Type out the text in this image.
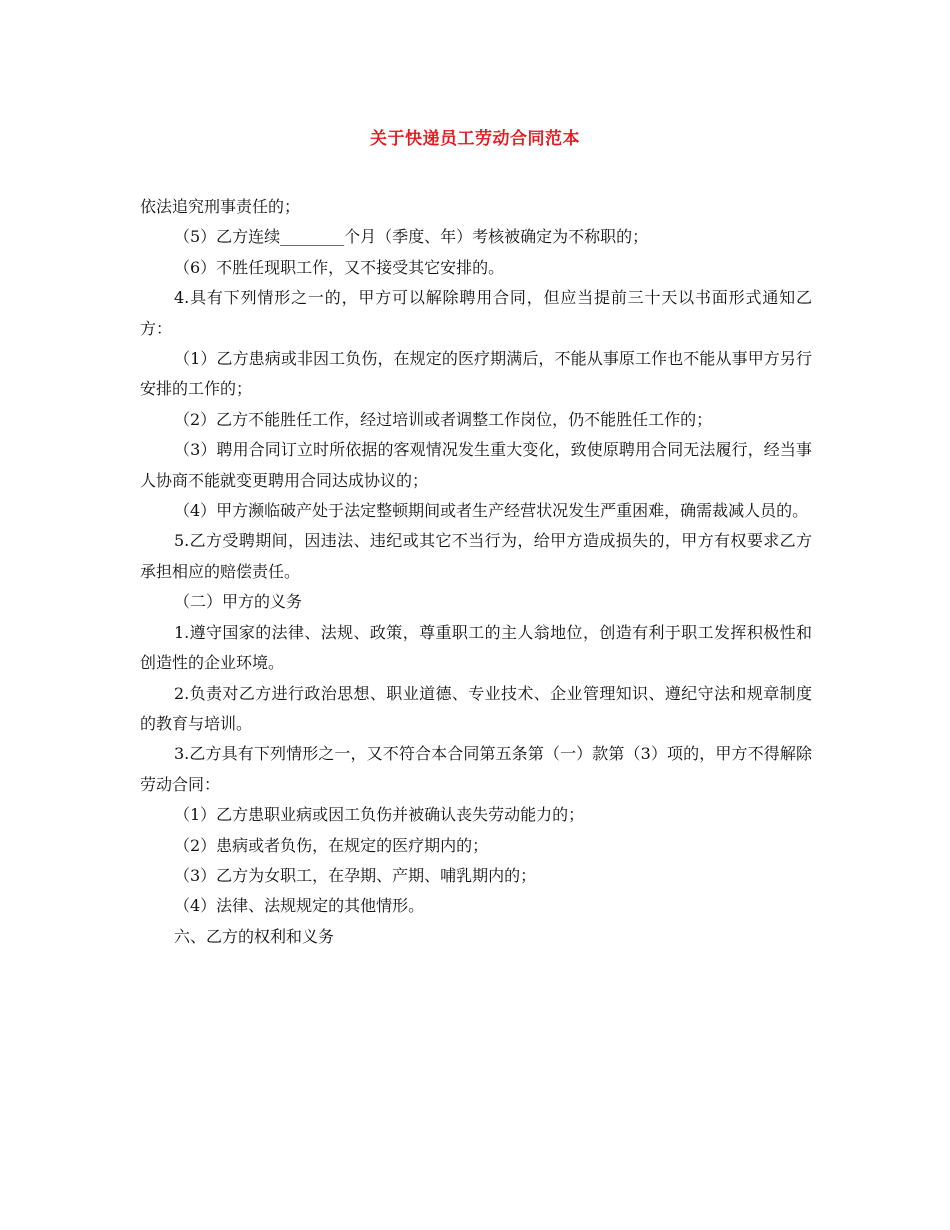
关于快递员工劳动合同范本

依法追究刑事责任的；

（5）乙方连续________个月（季度、年）考核被确定为不称职的；

（6）不胜任现职工作，又不接受其它安排的。

4.具有下列情形之一的，甲方可以解除聘用合同，但应当提前三十天以书面形式通知乙方：

（1）乙方患病或非因工负伤，在规定的医疗期满后，不能从事原工作也不能从事甲方另行安排的工作的；

（2）乙方不能胜任工作，经过培训或者调整工作岗位，仍不能胜任工作的；

（3）聘用合同订立时所依据的客观情况发生重大变化，致使原聘用合同无法履行，经当事人协商不能就变更聘用合同达成协议的；

（4）甲方濒临破产处于法定整顿期间或者生产经营状况发生严重困难，确需裁减人员的。

5.乙方受聘期间，因违法、违纪或其它不当行为，给甲方造成损失的，甲方有权要求乙方承担相应的赔偿责任。

（二）甲方的义务

1.遵守国家的法律、法规、政策，尊重职工的主人翁地位，创造有利于职工发挥积极性和创造性的企业环境。

2.负责对乙方进行政治思想、职业道德、专业技术、企业管理知识、遵纪守法和规章制度的教育与培训。

3.乙方具有下列情形之一，又不符合本合同第五条第（一）款第（3）项的，甲方不得解除劳动合同：

（1）乙方患职业病或因工负伤并被确认丧失劳动能力的；

（2）患病或者负伤，在规定的医疗期内的；

（3）乙方为女职工，在孕期、产期、哺乳期内的；

（4）法律、法规规定的其他情形。

六、乙方的权利和义务
